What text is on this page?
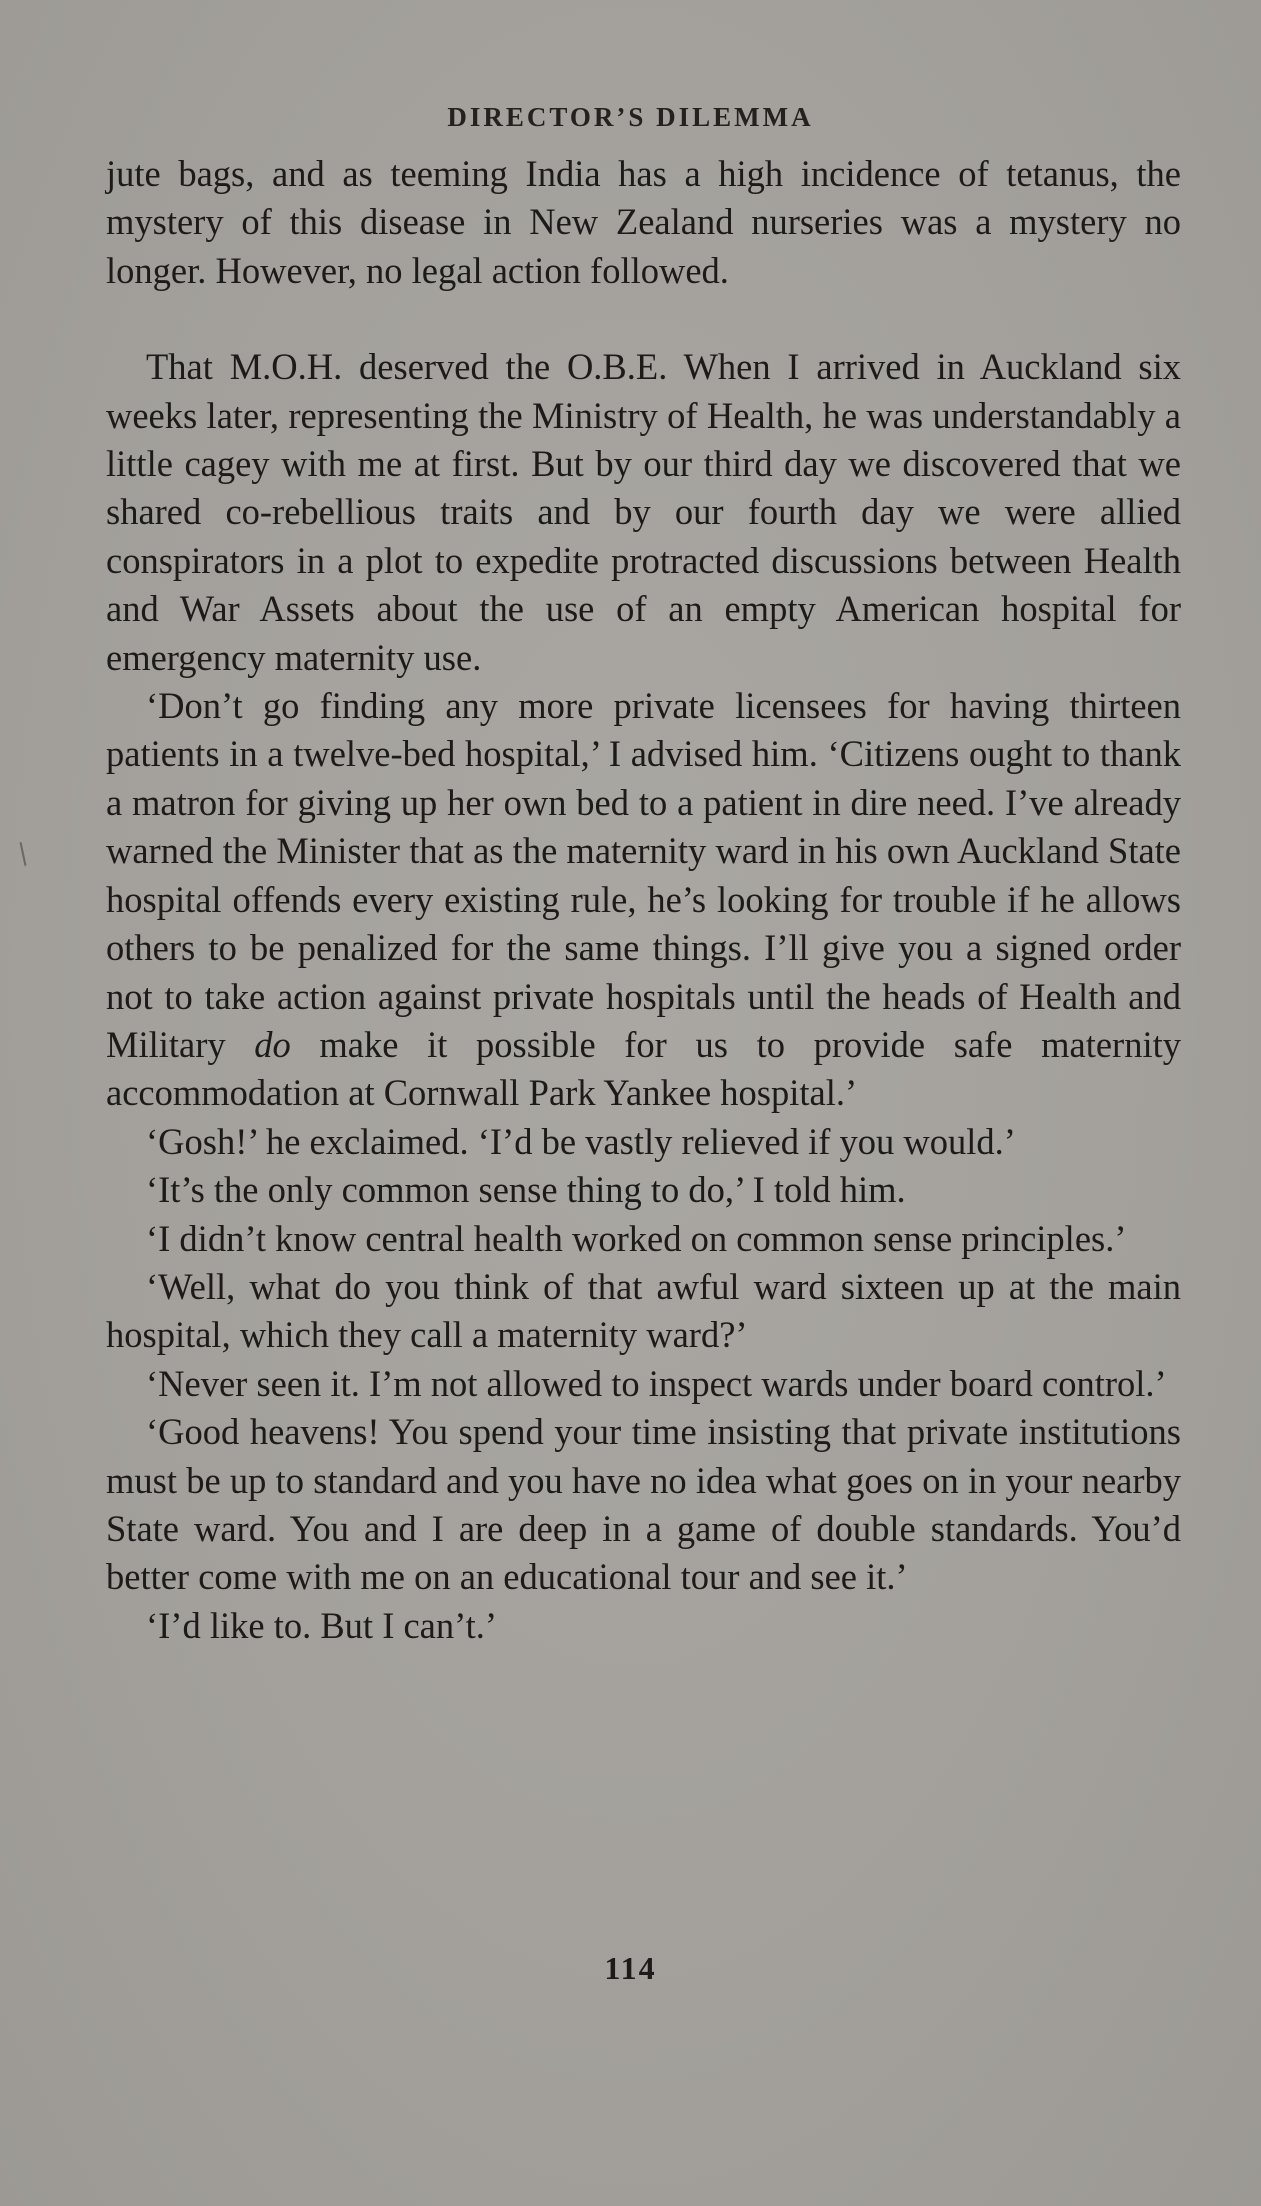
DIRECTOR’S DILEMMA

jute bags, and as teeming India has a high incidence of tetanus, the mystery of this disease in New Zealand nurseries was a mystery no longer. However, no legal action followed.

That M.O.H. deserved the O.B.E. When I arrived in Auckland six weeks later, representing the Ministry of Health, he was understandably a little cagey with me at first. But by our third day we discovered that we shared co-rebellious traits and by our fourth day we were allied conspirators in a plot to expedite protracted discussions between Health and War Assets about the use of an empty American hospital for emergency maternity use.

‘Don’t go finding any more private licensees for having thirteen patients in a twelve-bed hospital,’ I advised him. ‘Citizens ought to thank a matron for giving up her own bed to a patient in dire need. I’ve already warned the Minister that as the maternity ward in his own Auckland State hospital offends every existing rule, he’s looking for trouble if he allows others to be penalized for the same things. I’ll give you a signed order not to take action against private hospitals until the heads of Health and Military do make it possible for us to provide safe maternity accommodation at Cornwall Park Yankee hospital.’

‘Gosh!’ he exclaimed. ‘I’d be vastly relieved if you would.’

‘It’s the only common sense thing to do,’ I told him.

‘I didn’t know central health worked on common sense principles.’

‘Well, what do you think of that awful ward sixteen up at the main hospital, which they call a maternity ward?’

‘Never seen it. I’m not allowed to inspect wards under board control.’

‘Good heavens! You spend your time insisting that private institutions must be up to standard and you have no idea what goes on in your nearby State ward. You and I are deep in a game of double standards. You’d better come with me on an educational tour and see it.’

‘I’d like to. But I can’t.’

114
